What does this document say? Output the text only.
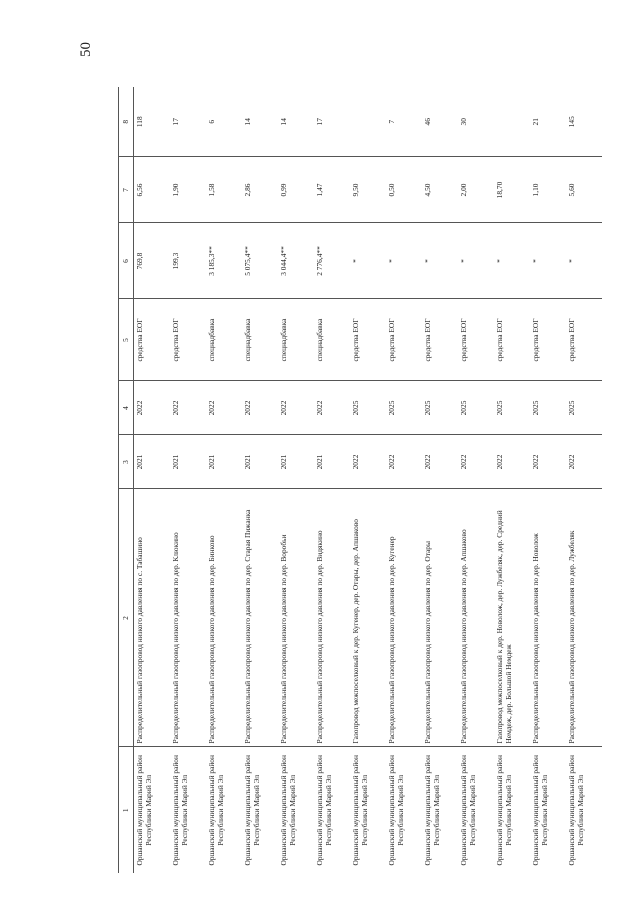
50
1	2	3	4	5	6	7	8
Оршанский муниципальный район Республики Марий Эл	Распределительный газопровод низкого давления по с. Табашино	2021	2022	средства ЕОГ	769,8	6,56	118
Оршанский муниципальный район Республики Марий Эл	Распределительный газопровод низкого давления по дер. Клюкино	2021	2022	средства ЕОГ	199,3	1,90	17
Оршанский муниципальный район Республики Марий Эл	Распределительный газопровод низкого давления по дер. Бинково	2021	2022	спецнадбавка	3 185,3**	1,58	6
Оршанский муниципальный район Республики Марий Эл	Распределительный газопровод низкого давления по дер. Старая Пижанка	2021	2022	спецнадбавка	5 075,4**	2,86	14
Оршанский муниципальный район Республики Марий Эл	Распределительный газопровод низкого давления по дер. Воробьи	2021	2022	спецнадбавка	3 044,4**	0,99	14
Оршанский муниципальный район Республики Марий Эл	Распределительный газопровод низкого давления по дер. Видякино	2021	2022	спецнадбавка	2 776,4**	1,47	17
Оршанский муниципальный район Республики Марий Эл	Газопровод межпоселковый к дер. Кугенер, дер. Отары, дер. Апшаково	2022	2025	средства ЕОГ	*	9,50	
Оршанский муниципальный район Республики Марий Эл	Распределительный газопровод низкого давления по дер. Кугенер	2022	2025	средства ЕОГ	*	0,50	7
Оршанский муниципальный район Республики Марий Эл	Распределительный газопровод низкого давления по дер. Отары	2022	2025	средства ЕОГ	*	4,50	46
Оршанский муниципальный район Республики Марий Эл	Распределительный газопровод низкого давления по дер. Апшаково	2022	2025	средства ЕОГ	*	2,00	30
Оршанский муниципальный район Республики Марий Эл	Газопровод межпоселковый к дер. Новолож, дер. Лужбеляк, дер. Средний Немдеж, дер. Большой Немдеж	2022	2025	средства ЕОГ	*	18,70	
Оршанский муниципальный район Республики Марий Эл	Распределительный газопровод низкого давления по дер. Новолож	2022	2025	средства ЕОГ	*	1,10	21
Оршанский муниципальный район Республики Марий Эл	Распределительный газопровод низкого давления по дер. Лужбеляк	2022	2025	средства ЕОГ	*	5,60	145
